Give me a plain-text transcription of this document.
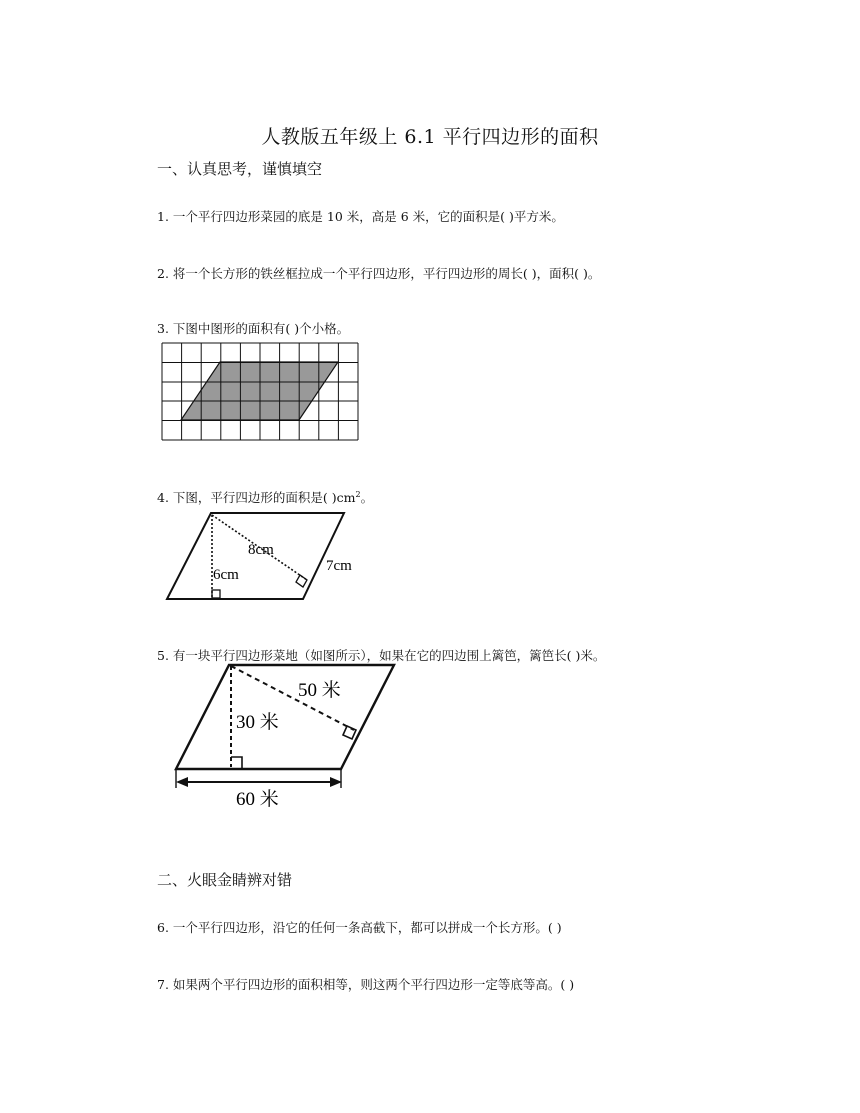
人教版五年级上 6.1 平行四边形的面积
一、认真思考，谨慎填空
1. 一个平行四边形菜园的底是 10 米，高是 6 米，它的面积是( )平方米。
2. 将一个长方形的铁丝框拉成一个平行四边形，平行四边形的周长( )，面积( )。
3. 下图中图形的面积有( )个小格。
4. 下图，平行四边形的面积是( )$cm^2$。
8cm
6cm
7cm
5. 有一块平行四边形菜地（如图所示），如果在它的四边围上篱笆，篱笆长( )米。
50 米
30 米
60 米
二、火眼金睛辨对错
6. 一个平行四边形，沿它的任何一条高截下，都可以拼成一个长方形。( )
7. 如果两个平行四边形的面积相等，则这两个平行四边形一定等底等高。( )
